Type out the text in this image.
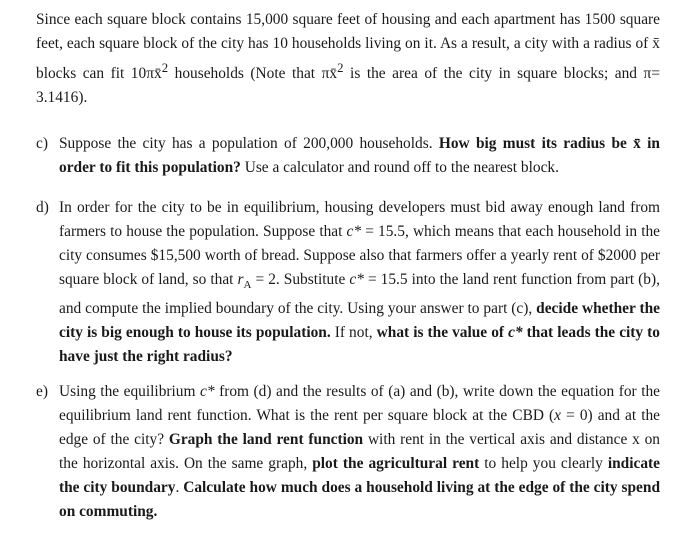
Since each square block contains 15,000 square feet of housing and each apartment has 1500 square feet, each square block of the city has 10 households living on it. As a result, a city with a radius of x̄ blocks can fit 10πx̄$^2$ households (Note that πx̄$^2$ is the area of the city in square blocks; and π= 3.1416).

c) Suppose the city has a population of 200,000 households. How big must its radius be x̄ in order to fit this population? Use a calculator and round off to the nearest block.

d) In order for the city to be in equilibrium, housing developers must bid away enough land from farmers to house the population. Suppose that c* = 15.5, which means that each household in the city consumes $15,500 worth of bread. Suppose also that farmers offer a yearly rent of $2000 per square block of land, so that $r_A = 2$. Substitute c* = 15.5 into the land rent function from part (b), and compute the implied boundary of the city. Using your answer to part (c), decide whether the city is big enough to house its population. If not, what is the value of c* that leads the city to have just the right radius?

e) Using the equilibrium c* from (d) and the results of (a) and (b), write down the equation for the equilibrium land rent function. What is the rent per square block at the CBD (x = 0) and at the edge of the city? Graph the land rent function with rent in the vertical axis and distance x on the horizontal axis. On the same graph, plot the agricultural rent to help you clearly indicate the city boundary. Calculate how much does a household living at the edge of the city spend on commuting.
